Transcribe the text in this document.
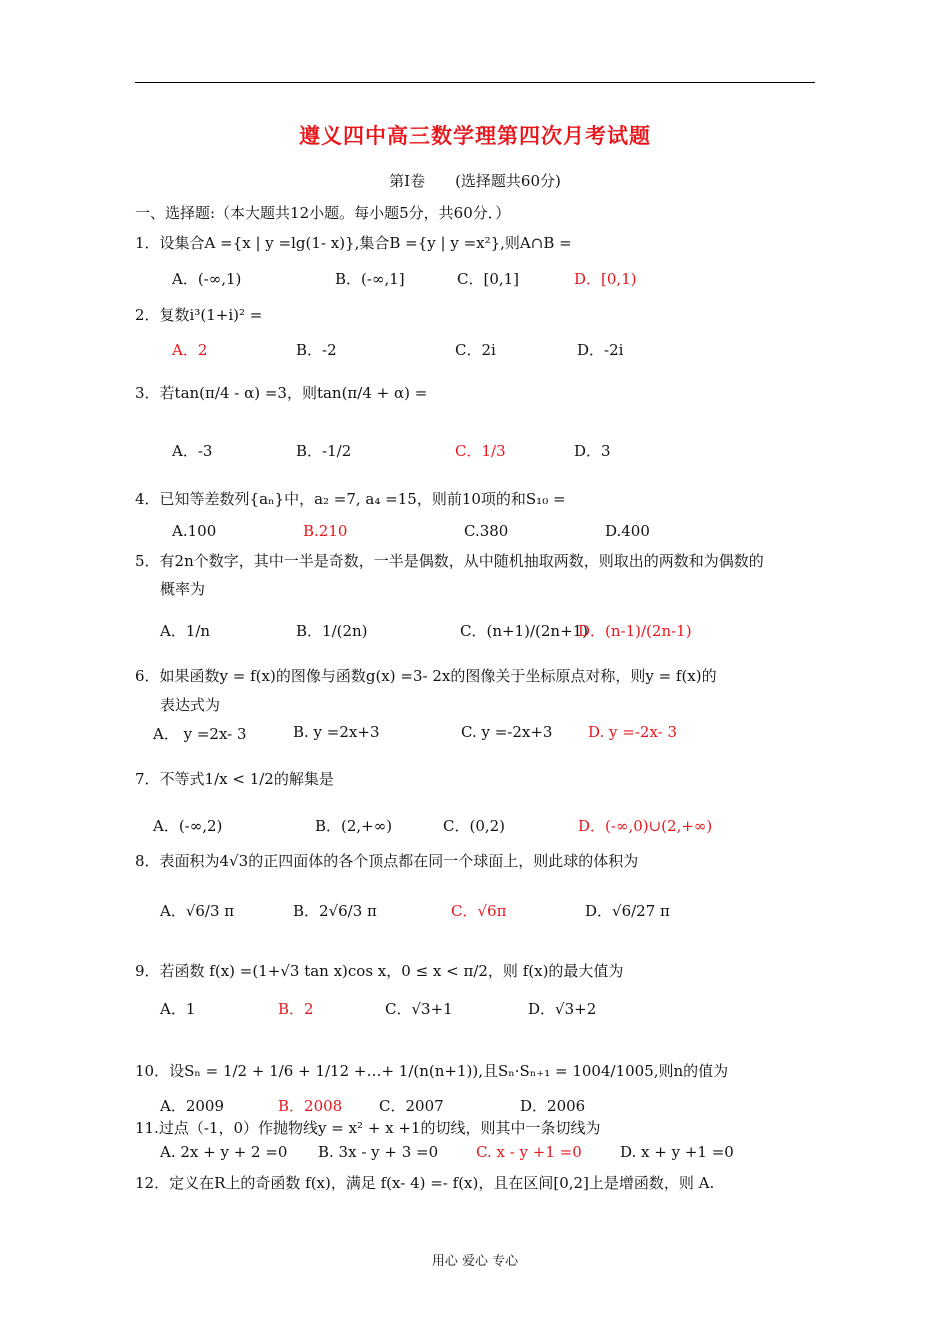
遵义四中高三数学理第四次月考试题
第Ⅰ卷　　(选择题共60分)
一、选择题:（本大题共12小题。每小题5分，共60分．）
1．设集合A ={x | y =lg(1- x)},集合B ={y | y =x²},则A∩B =
A．(-∞,1)	B．(-∞,1]	C．[0,1]	D．[0,1)
2．复数i³(1+i)² =
A．2	B．-2	C．2i	D．-2i
3．若tan(π/4 - α) =3，则tan(π/4 + α) =
A．-3	B．-1/2	C．1/3	D．3
4．已知等差数列{aₙ}中，a₂ =7, a₄ =15，则前10项的和S₁₀ =
A.100	B.210	C.380	D.400
5．有2n个数字，其中一半是奇数，一半是偶数，从中随机抽取两数，则取出的两数和为偶数的
概率为
A．1/n	B．1/(2n)	C．(n+1)/(2n+1)
D．(n-1)/(2n-1)
6．如果函数y = f(x)的图像与函数g(x) =3- 2x的图像关于坐标原点对称，则y = f(x)的
表达式为
A． y =2x- 3	B. y =2x+3	C. y =-2x+3 D. y =-2x- 3
7．不等式1/x < 1/2的解集是
A．(-∞,2)	B．(2,+∞)	C．(0,2)	D．(-∞,0)∪(2,+∞)
8．表面积为4√3的正四面体的各个顶点都在同一个球面上，则此球的体积为
A．√6/3 π	B．2√6/3 π	C．√6π	D．√6/27 π
9．若函数 f(x) =(1+√3 tan x)cos x，0 ≤ x < π/2，则 f(x)的最大值为
A．1	B．2	C．√3+1	D．√3+2
10．设Sₙ = 1/2 + 1/6 + 1/12 +…+ 1/(n(n+1)),且Sₙ·Sₙ₊₁ = 1004/1005,则n的值为
A．2009	B．2008 C．2007	D．2006
11.过点（-1，0）作抛物线y = x² + x +1的切线，则其中一条切线为
A. 2x + y + 2 =0 B. 3x - y + 3 =0	C. x - y +1 =0	D. x + y +1 =0
12．定义在R上的奇函数 f(x)，满足 f(x- 4) =- f(x)，且在区间[0,2]上是增函数，则 A.
用心 爱心 专心
